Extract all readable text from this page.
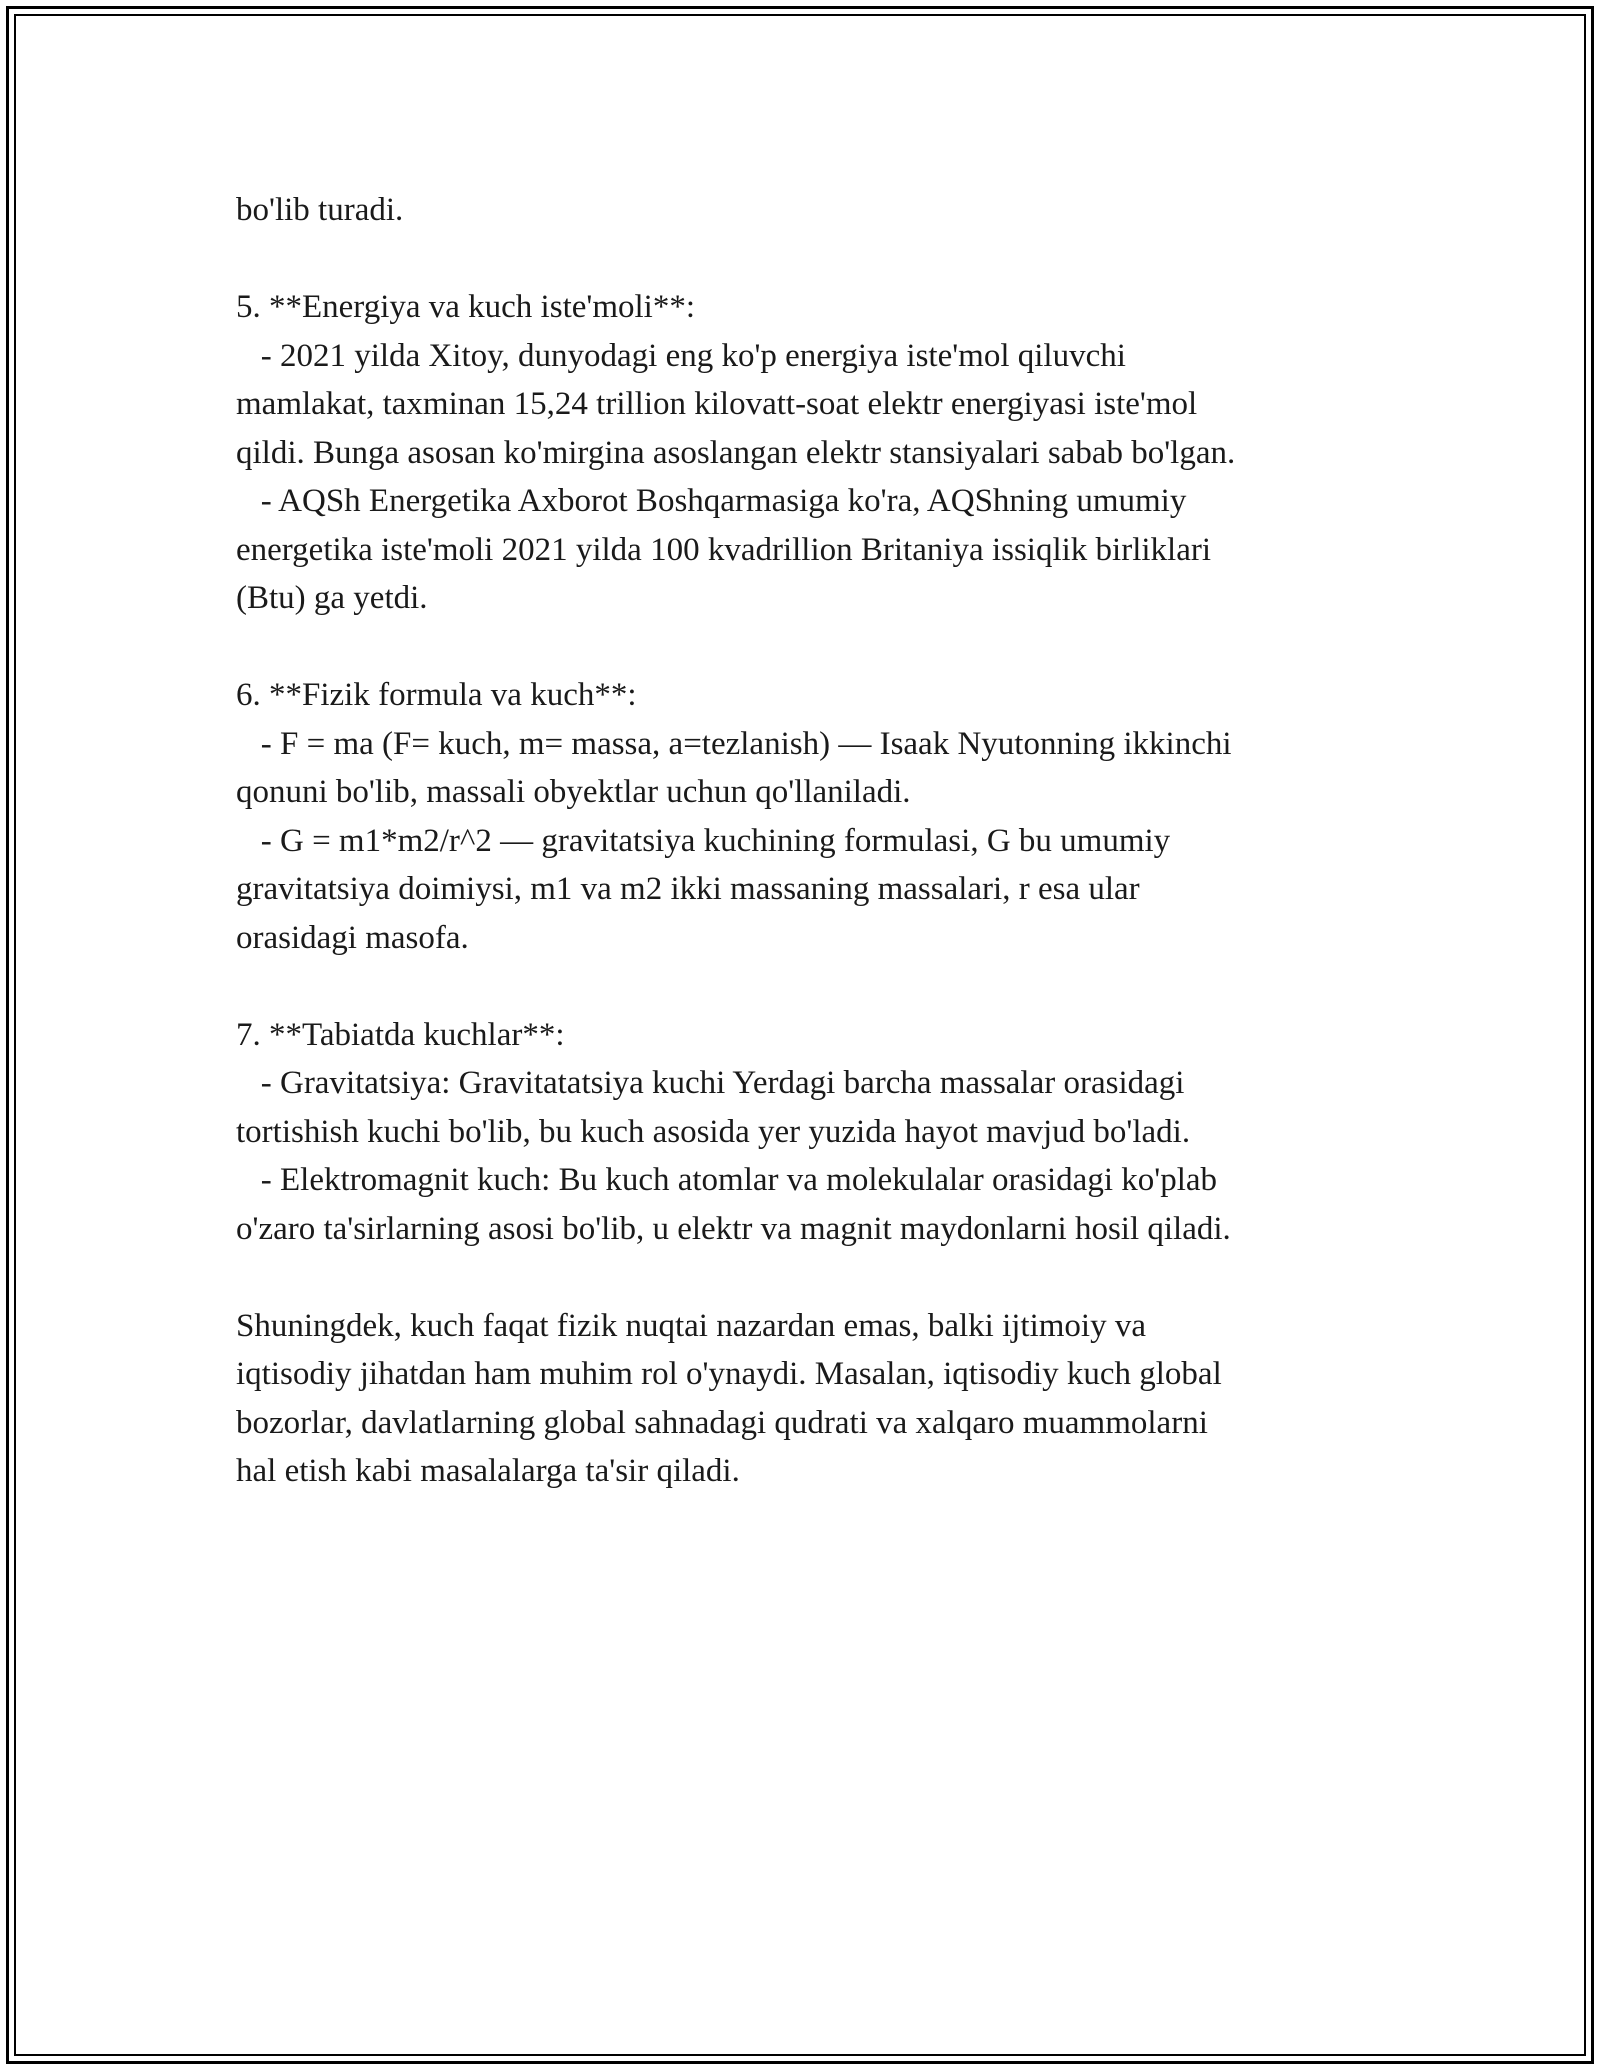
bo'lib turadi.
5. **Energiya va kuch iste'moli**:
- 2021 yilda Xitoy, dunyodagi eng ko'p energiya iste'mol qiluvchi
mamlakat, taxminan 15,24 trillion kilovatt-soat elektr energiyasi iste'mol
qildi. Bunga asosan ko'mirgina asoslangan elektr stansiyalari sabab bo'lgan.
- AQSh Energetika Axborot Boshqarmasiga ko'ra, AQShning umumiy
energetika iste'moli 2021 yilda 100 kvadrillion Britaniya issiqlik birliklari
(Btu) ga yetdi.
6. **Fizik formula va kuch**:
- F = ma (F= kuch, m= massa, a=tezlanish) — Isaak Nyutonning ikkinchi
qonuni bo'lib, massali obyektlar uchun qo'llaniladi.
- G = m1*m2/r^2 — gravitatsiya kuchining formulasi, G bu umumiy
gravitatsiya doimiysi, m1 va m2 ikki massaning massalari, r esa ular
orasidagi masofa.
7. **Tabiatda kuchlar**:
- Gravitatsiya: Gravitatatsiya kuchi Yerdagi barcha massalar orasidagi
tortishish kuchi bo'lib, bu kuch asosida yer yuzida hayot mavjud bo'ladi.
- Elektromagnit kuch: Bu kuch atomlar va molekulalar orasidagi ko'plab
o'zaro ta'sirlarning asosi bo'lib, u elektr va magnit maydonlarni hosil qiladi.
Shuningdek, kuch faqat fizik nuqtai nazardan emas, balki ijtimoiy va
iqtisodiy jihatdan ham muhim rol o'ynaydi. Masalan, iqtisodiy kuch global
bozorlar, davlatlarning global sahnadagi qudrati va xalqaro muammolarni
hal etish kabi masalalarga ta'sir qiladi.
